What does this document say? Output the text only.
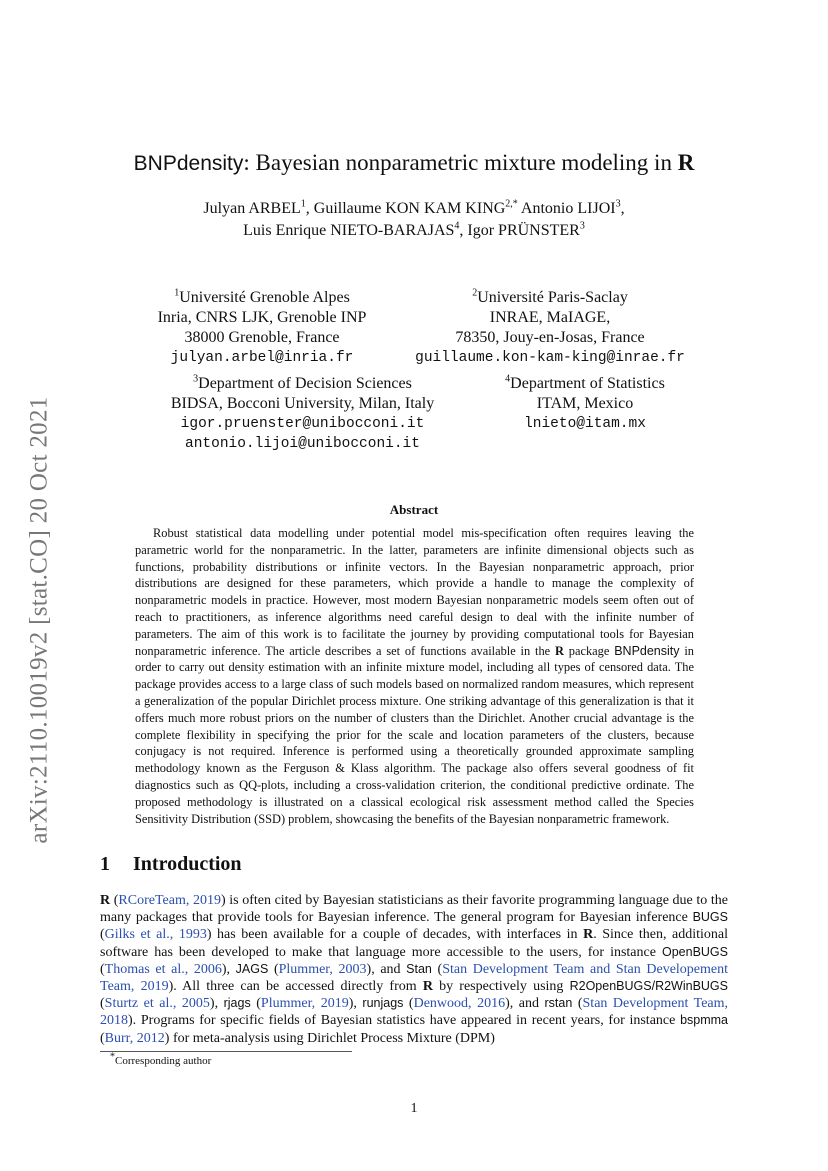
arXiv:2110.10019v2 [stat.CO] 20 Oct 2021
BNPdensity: Bayesian nonparametric mixture modeling in R
Julyan ARBEL$^1$, Guillaume KON KAM $KING^{2,*}$ Antonio LIJOI$^3$,
Luis Enrique NIETO-BARAJAS$^4$, Igor PRÜNSTER$^3$
$^1$Université Grenoble Alpes
Inria, CNRS LJK, Grenoble INP
38000 Grenoble, France
julyan.arbel@inria.fr
$^2$Université Paris-Saclay
INRAE, MaIAGE,
78350, Jouy-en-Josas, France
guillaume.kon-kam-king@inrae.fr
$^3$Department of Decision Sciences
BIDSA, Bocconi University, Milan, Italy
igor.pruenster@unibocconi.it
antonio.lijoi@unibocconi.it
$^4$Department of Statistics
ITAM, Mexico
lnieto@itam.mx
Abstract
Robust statistical data modelling under potential model mis-specification often requires leaving the parametric world for the nonparametric. In the latter, parameters are infinite dimensional objects such as functions, probability distributions or infinite vectors. In the Bayesian nonparametric approach, prior distributions are designed for these parameters, which provide a handle to manage the complexity of nonparametric models in practice. However, most modern Bayesian nonparametric models seem often out of reach to practitioners, as inference algorithms need careful design to deal with the infinite number of parameters. The aim of this work is to facilitate the journey by providing computational tools for Bayesian nonparametric inference. The article describes a set of functions available in the R package BNPdensity in order to carry out density estimation with an infinite mixture model, including all types of censored data. The package provides access to a large class of such models based on normalized random measures, which represent a generalization of the popular Dirichlet process mixture. One striking advantage of this generalization is that it offers much more robust priors on the number of clusters than the Dirichlet. Another crucial advantage is the complete flexibility in specifying the prior for the scale and location parameters of the clusters, because conjugacy is not required. Inference is performed using a theoretically grounded approximate sampling methodology known as the Ferguson & Klass algorithm. The package also offers several goodness of fit diagnostics such as QQ-plots, including a cross-validation criterion, the conditional predictive ordinate. The proposed methodology is illustrated on a classical ecological risk assessment method called the Species Sensitivity Distribution (SSD) problem, showcasing the benefits of the Bayesian nonparametric framework.
1 Introduction
R (RCoreTeam, 2019) is often cited by Bayesian statisticians as their favorite programming language due to the many packages that provide tools for Bayesian inference. The general program for Bayesian inference BUGS (Gilks et al., 1993) has been available for a couple of decades, with interfaces in R. Since then, additional software has been developed to make that language more accessible to the users, for instance OpenBUGS (Thomas et al., 2006), JAGS (Plummer, 2003), and Stan (Stan Development Team and Stan Developement Team, 2019). All three can be accessed directly from R by respectively using R2OpenBUGS/R2WinBUGS (Sturtz et al., 2005), rjags (Plummer, 2019), runjags (Denwood, 2016), and rstan (Stan Development Team, 2018). Programs for specific fields of Bayesian statistics have appeared in recent years, for instance bspmma (Burr, 2012) for meta-analysis using Dirichlet Process Mixture (DPM)
*Corresponding author
1
